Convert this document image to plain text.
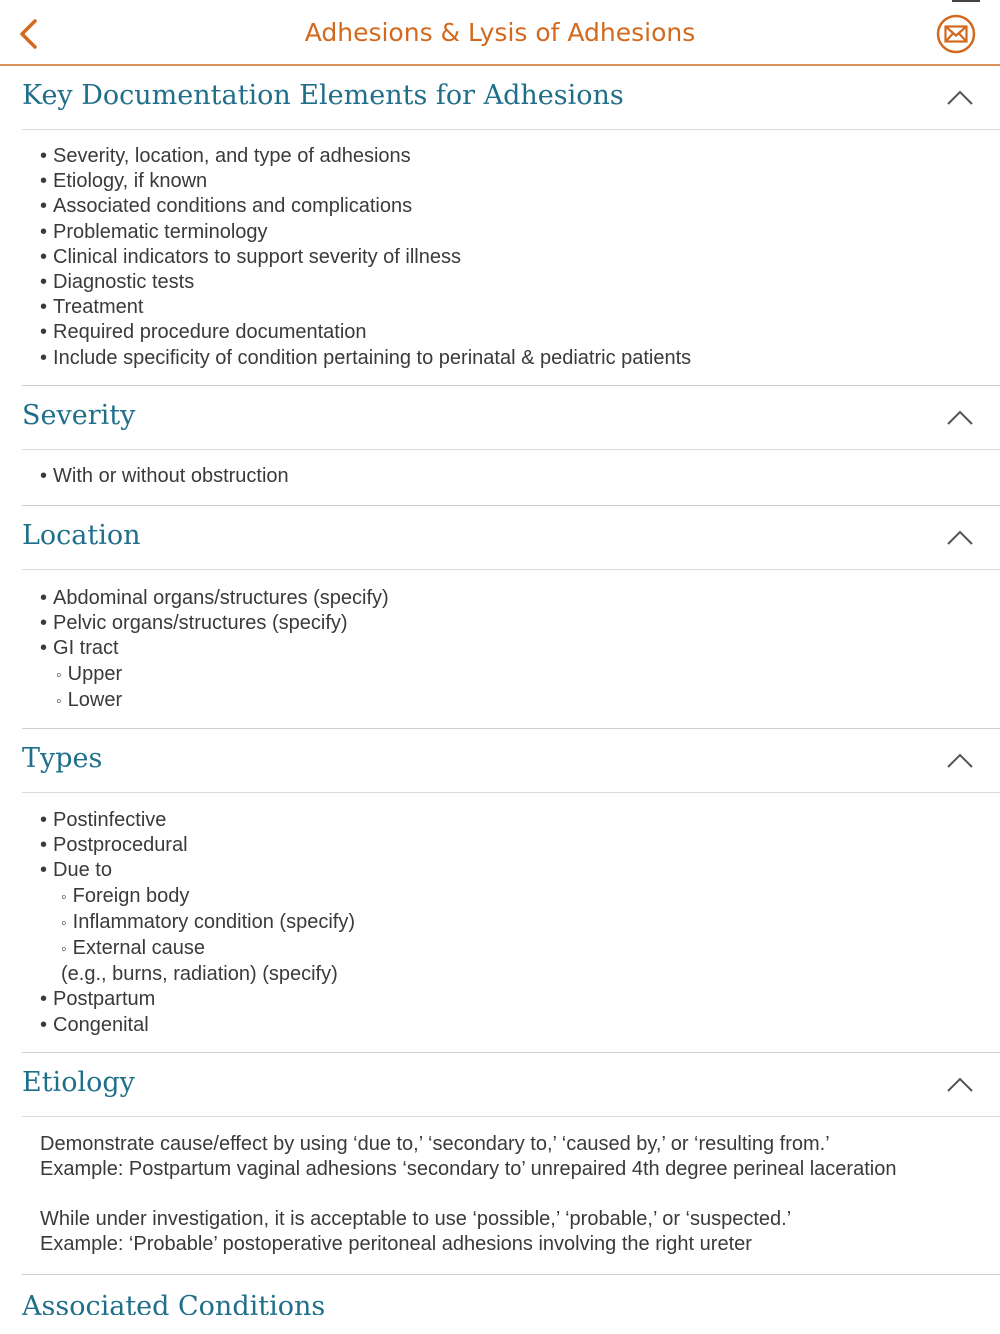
Adhesions & Lysis of Adhesions
Key Documentation Elements for Adhesions
• Severity, location, and type of adhesions
• Etiology, if known
• Associated conditions and complications
• Problematic terminology
• Clinical indicators to support severity of illness
• Diagnostic tests
• Treatment
• Required procedure documentation
• Include specificity of condition pertaining to perinatal & pediatric patients
Severity
• With or without obstruction
Location
• Abdominal organs/structures (specify)
• Pelvic organs/structures (specify)
• GI tract
◦ Upper
◦ Lower
Types
• Postinfective
• Postprocedural
• Due to
◦ Foreign body
◦ Inflammatory condition (specify)
◦ External cause
(e.g., burns, radiation) (specify)
• Postpartum
• Congenital
Etiology
Demonstrate cause/effect by using ‘due to,’ ‘secondary to,’ ‘caused by,’ or ‘resulting from.’
Example: Postpartum vaginal adhesions ‘secondary to’ unrepaired 4th degree perineal laceration
While under investigation, it is acceptable to use ‘possible,’ ‘probable,’ or ‘suspected.’
Example: ‘Probable’ postoperative peritoneal adhesions involving the right ureter
Associated Conditions
